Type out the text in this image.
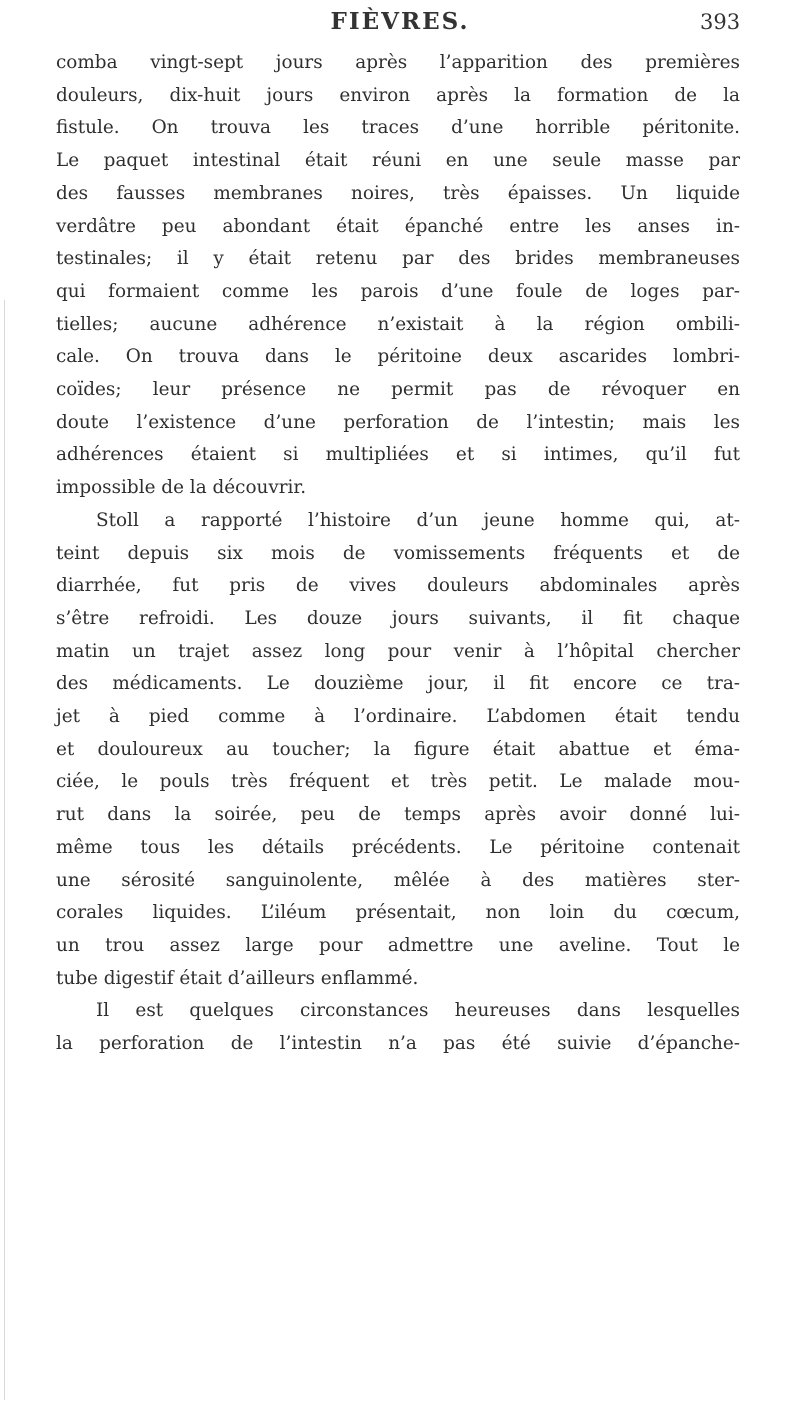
FIÈVRES.	393
comba vingt-sept jours après l’apparition des premières
douleurs, dix-huit jours environ après la formation de la
fistule. On trouva les traces d’une horrible péritonite.
Le paquet intestinal était réuni en une seule masse par
des fausses membranes noires, très épaisses. Un liquide
verdâtre peu abondant était épanché entre les anses in-
testinales; il y était retenu par des brides membraneuses
qui formaient comme les parois d’une foule de loges par-
tielles; aucune adhérence n’existait à la région ombili-
cale. On trouva dans le péritoine deux ascarides lombri-
coïdes; leur présence ne permit pas de révoquer en
doute l’existence d’une perforation de l’intestin; mais les
adhérences étaient si multipliées et si intimes, qu’il fut
impossible de la découvrir.
Stoll a rapporté l’histoire d’un jeune homme qui, at-
teint depuis six mois de vomissements fréquents et de
diarrhée, fut pris de vives douleurs abdominales après
s’être refroidi. Les douze jours suivants, il fit chaque
matin un trajet assez long pour venir à l’hôpital chercher
des médicaments. Le douzième jour, il fit encore ce tra-
jet à pied comme à l’ordinaire. L’abdomen était tendu
et douloureux au toucher; la figure était abattue et éma-
ciée, le pouls très fréquent et très petit. Le malade mou-
rut dans la soirée, peu de temps après avoir donné lui-
même tous les détails précédents. Le péritoine contenait
une sérosité sanguinolente, mêlée à des matières ster-
corales liquides. L’iléum présentait, non loin du cœcum,
un trou assez large pour admettre une aveline. Tout le
tube digestif était d’ailleurs enflammé.
Il est quelques circonstances heureuses dans lesquelles
la perforation de l’intestin n’a pas été suivie d’épanche-
